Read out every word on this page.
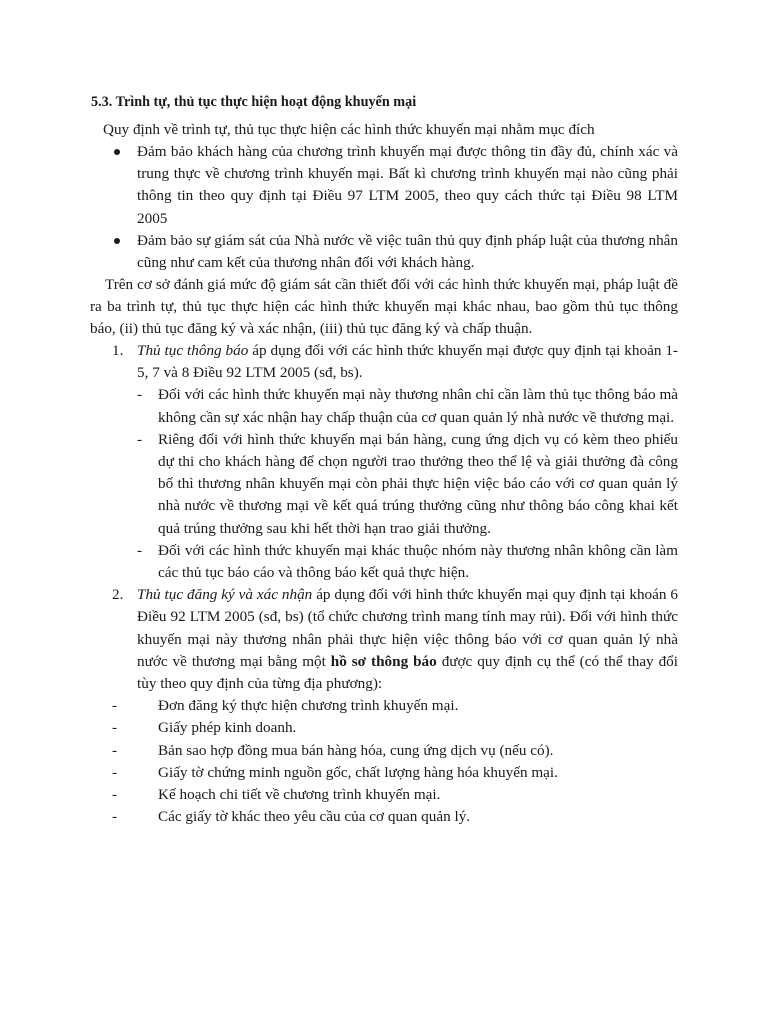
5.3. Trình tự, thủ tục thực hiện hoạt động khuyến mại
Quy định về trình tự, thủ tục thực hiện các hình thức khuyến mại nhằm mục đích
Đảm bảo khách hàng của chương trình khuyến mại được thông tin đầy đủ, chính xác và trung thực về chương trình khuyến mại. Bất kì chương trình khuyến mại nào cũng phải thông tin theo quy định tại Điều 97 LTM 2005, theo quy cách thức tại Điều 98 LTM 2005
Đảm bảo sự giám sát của Nhà nước về việc tuân thủ quy định pháp luật của thương nhân cũng như cam kết của thương nhân đối với khách hàng.
Trên cơ sở đánh giá mức độ giám sát cần thiết đối với các hình thức khuyến mại, pháp luật đề ra ba trình tự, thủ tục thực hiện các hình thức khuyến mại khác nhau, bao gồm thủ tục thông báo, (ii) thủ tục đăng ký và xác nhận, (iii) thủ tục đăng ký và chấp thuận.
1. Thủ tục thông báo áp dụng đối với các hình thức khuyến mại được quy định tại khoản 1-5, 7 và 8 Điều 92 LTM 2005 (sđ, bs).
- Đối với các hình thức khuyến mại này thương nhân chỉ cần làm thủ tục thông báo mà không cần sự xác nhận hay chấp thuận của cơ quan quản lý nhà nước về thương mại.
- Riêng đối với hình thức khuyến mại bán hàng, cung ứng dịch vụ có kèm theo phiếu dự thi cho khách hàng để chọn người trao thưởng theo thể lệ và giải thưởng đà công bố thì thương nhân khuyến mại còn phải thực hiện việc báo cáo với cơ quan quản lý nhà nước về thương mại về kết quá trúng thưởng cũng như thông báo công khai kết quả trúng thưởng sau khi hết thời hạn trao giải thưởng.
- Đối với các hình thức khuyến mại khác thuộc nhóm này thương nhân không cần làm các thủ tục báo cáo và thông báo kết quả thực hiện.
2. Thủ tục đăng ký và xác nhận áp dụng đối với hình thức khuyến mại quy định tại khoán 6 Điều 92 LTM 2005 (sđ, bs) (tổ chức chương trình mang tính may rủi). Đối với hình thức khuyến mại này thương nhân phải thực hiện việc thông báo với cơ quan quản lý nhà nước về thương mại bằng một hồ sơ thông báo được quy định cụ thể (có thể thay đổi tùy theo quy định của từng địa phương):
-	Đơn đăng ký thực hiện chương trình khuyến mại.
-	Giấy phép kinh doanh.
-	Bản sao hợp đồng mua bán hàng hóa, cung ứng dịch vụ (nếu có).
-	Giấy tờ chứng minh nguồn gốc, chất lượng hàng hóa khuyến mại.
-	Kế hoạch chi tiết về chương trình khuyến mại.
-	Các giấy tờ khác theo yêu cầu của cơ quan quản lý.
